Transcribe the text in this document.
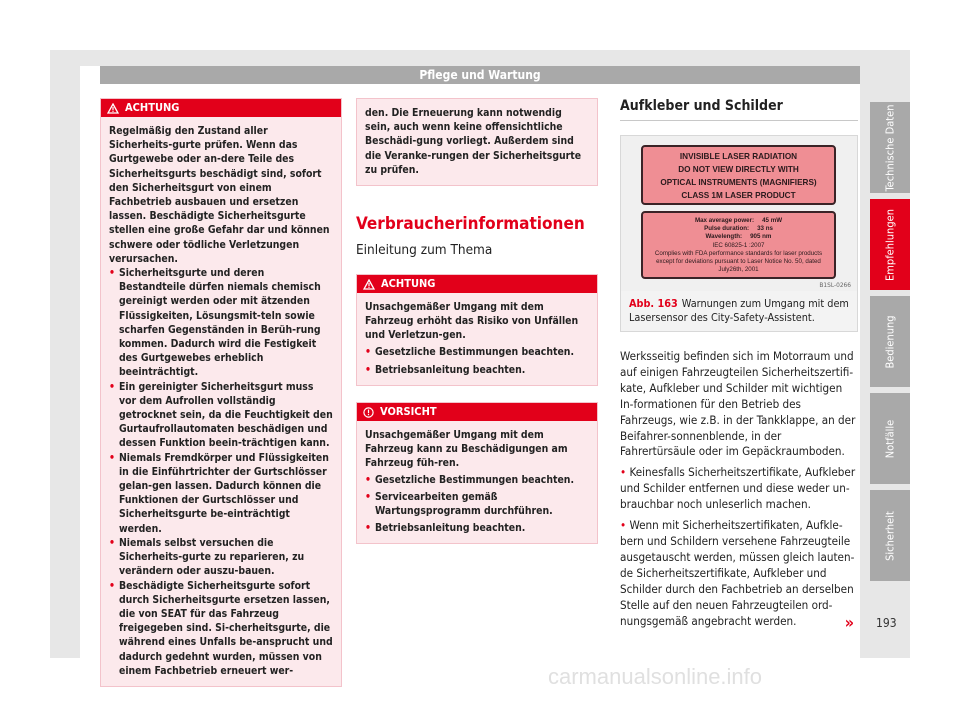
Pflege und Wartung
ACHTUNG

Regelmäßig den Zustand aller Sicherheits-gurte prüfen. Wenn das Gurtgewebe oder an-dere Teile des Sicherheitsgurts beschädigt sind, sofort den Sicherheitsgurt von einem Fachbetrieb ausbauen und ersetzen lassen. Beschädigte Sicherheitsgurte stellen eine große Gefahr dar und können schwere oder tödliche Verletzungen verursachen.

• Sicherheitsgurte und deren Bestandteile dürfen niemals chemisch gereinigt werden oder mit ätzenden Flüssigkeiten, Lösungsmit-teln sowie scharfen Gegenständen in Berüh-rung kommen. Dadurch wird die Festigkeit des Gurtgewebes erheblich beeinträchtigt.
• Ein gereinigter Sicherheitsgurt muss vor dem Aufrollen vollständig getrocknet sein, da die Feuchtigkeit den Gurtaufrollautomaten beschädigen und dessen Funktion beein-trächtigen kann.
• Niemals Fremdkörper und Flüssigkeiten in die Einführtrichter der Gurtschlösser gelan-gen lassen. Dadurch können die Funktionen der Gurtschlösser und Sicherheitsgurte be-einträchtigt werden.
• Niemals selbst versuchen die Sicherheits-gurte zu reparieren, zu verändern oder auszu-bauen.
• Beschädigte Sicherheitsgurte sofort durch Sicherheitsgurte ersetzen lassen, die von SEAT für das Fahrzeug freigegeben sind. Si-cherheitsgurte, die während eines Unfalls be-ansprucht und dadurch gedehnt wurden, müssen von einem Fachbetrieb erneuert wer-
den. Die Erneuerung kann notwendig sein, auch wenn keine offensichtliche Beschädi-gung vorliegt. Außerdem sind die Veranke-rungen der Sicherheitsgurte zu prüfen.
Verbraucherinformationen
Einleitung zum Thema
ACHTUNG

Unsachgemäßer Umgang mit dem Fahrzeug erhöht das Risiko von Unfällen und Verletzun-gen.

• Gesetzliche Bestimmungen beachten.
• Betriebsanleitung beachten.
VORSICHT

Unsachgemäßer Umgang mit dem Fahrzeug kann zu Beschädigungen am Fahrzeug füh-ren.

• Gesetzliche Bestimmungen beachten.
• Servicearbeiten gemäß Wartungsprogramm durchführen.
• Betriebsanleitung beachten.
Aufkleber und Schilder
INVISIBLE LASER RADIATION
DO NOT VIEW DIRECTLY WITH
OPTICAL INSTRUMENTS (MAGNIFIERS)
CLASS 1M LASER PRODUCT
Max average power: 45 mW
Pulse duration: 33 ns
Wavelength: 905 nm
IEC 60825-1 :2007
Complies with FDA performance standards for laser products
except for deviations pursuant to Laser Notice No. 50, dated
July26th, 2001
B1SL-0266
Abb. 163 Warnungen zum Umgang mit dem Lasersensor des City-Safety-Assistent.
Werksseitig befinden sich im Motorraum und auf einigen Fahrzeugteilen Sicherheitszertifi-kate, Aufkleber und Schilder mit wichtigen In-formationen für den Betrieb des Fahrzeugs, wie z.B. in der Tankklappe, an der Beifahrer-sonnenblende, in der Fahrertürsäule oder im Gepäckraumboden.
• Keinesfalls Sicherheitszertifikate, Aufkleber und Schilder entfernen und diese weder un-brauchbar noch unleserlich machen.
• Wenn mit Sicherheitszertifikaten, Aufkle-bern und Schildern versehene Fahrzeugteile ausgetauscht werden, müssen gleich lauten-de Sicherheitszertifikate, Aufkleber und Schilder durch den Fachbetrieb an derselben Stelle auf den neuen Fahrzeugteilen ord-nungsgemäß angebracht werden.	»
Technische Daten
Empfehlungen
Bedienung
Notfälle
Sicherheit
193
carmanualsonline.info
